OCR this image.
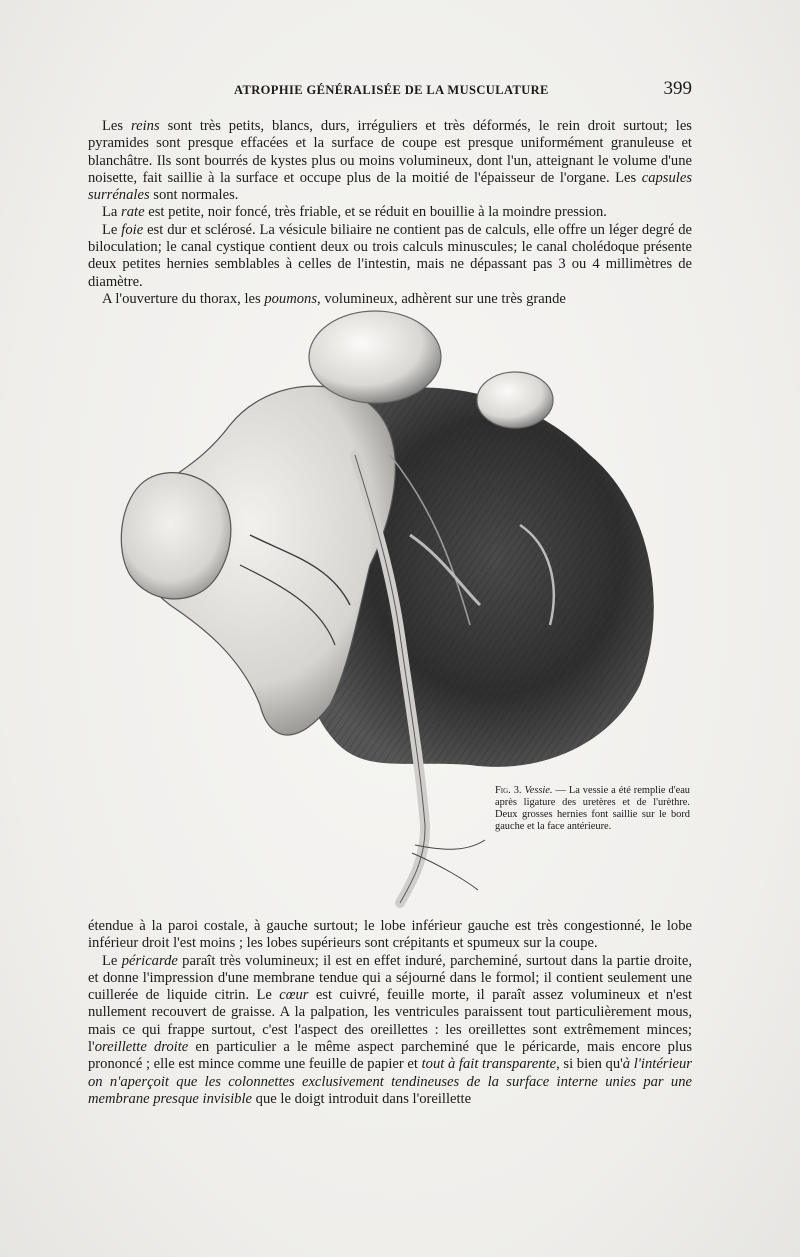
ATROPHIE GÉNÉRALISÉE DE LA MUSCULATURE	399

Les reins sont très petits, blancs, durs, irréguliers et très déformés, le rein droit surtout; les pyramides sont presque effacées et la surface de coupe est presque uniformément granuleuse et blanchâtre. Ils sont bourrés de kystes plus ou moins volumineux, dont l'un, atteignant le volume d'une noisette, fait saillie à la surface et occupe plus de la moitié de l'épaisseur de l'organe. Les capsules surrénales sont normales.

La rate est petite, noir foncé, très friable, et se réduit en bouillie à la moindre pression.

Le foie est dur et sclérosé. La vésicule biliaire ne contient pas de calculs, elle offre un léger degré de biloculation; le canal cystique contient deux ou trois calculs minuscules; le canal cholédoque présente deux petites hernies semblables à celles de l'intestin, mais ne dépassant pas 3 ou 4 millimètres de diamètre.

A l'ouverture du thorax, les poumons, volumineux, adhèrent sur une très grande

Fig. 3. Vessie. — La vessie a été remplie d'eau après ligature des uretères et de l'urèthre. Deux grosses hernies font saillie sur le bord gauche et la face antérieure.

étendue à la paroi costale, à gauche surtout; le lobe inférieur gauche est très congestionné, le lobe inférieur droit l'est moins ; les lobes supérieurs sont crépitants et spumeux sur la coupe.

Le péricarde paraît très volumineux; il est en effet induré, parcheminé, surtout dans la partie droite, et donne l'impression d'une membrane tendue qui a séjourné dans le formol; il contient seulement une cuillerée de liquide citrin. Le cœur est cuivré, feuille morte, il paraît assez volumineux et n'est nullement recouvert de graisse. A la palpation, les ventricules paraissent tout particulièrement mous, mais ce qui frappe surtout, c'est l'aspect des oreillettes : les oreillettes sont extrêmement minces; l'oreillette droite en particulier a le même aspect parcheminé que le péricarde, mais encore plus prononcé ; elle est mince comme une feuille de papier et tout à fait transparente, si bien qu'à l'intérieur on n'aperçoit que les colonnettes exclusivement tendineuses de la surface interne unies par une membrane presque invisible que le doigt introduit dans l'oreillette
